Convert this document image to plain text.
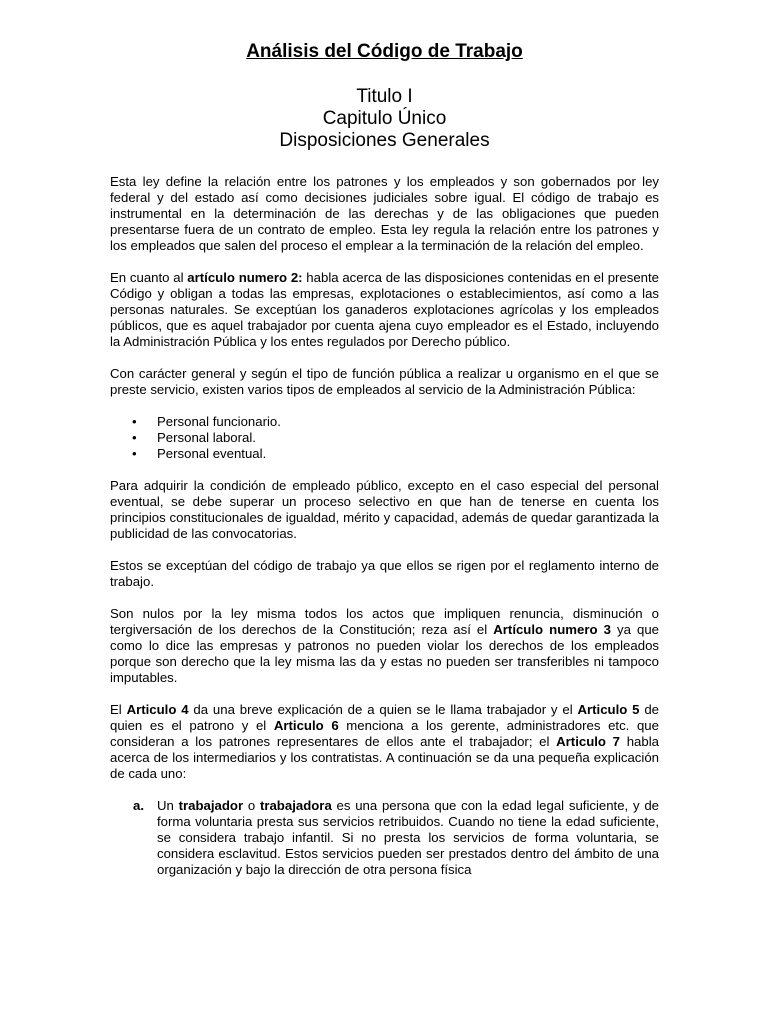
Análisis del Código de Trabajo
Titulo I
Capitulo Único
Disposiciones Generales

Esta ley define la relación entre los patrones y los empleados y son gobernados por ley federal y del estado así como decisiones judiciales sobre igual. El código de trabajo es instrumental en la determinación de las derechas y de las obligaciones que pueden presentarse fuera de un contrato de empleo. Esta ley regula la relación entre los patrones y los empleados que salen del proceso el emplear a la terminación de la relación del empleo.

En cuanto al artículo numero 2: habla acerca de las disposiciones contenidas en el presente Código y obligan a todas las empresas, explotaciones o establecimientos, así como a las personas naturales. Se exceptúan los ganaderos explotaciones agrícolas y los empleados públicos, que es aquel trabajador por cuenta ajena cuyo empleador es el Estado, incluyendo la Administración Pública y los entes regulados por Derecho público.

Con carácter general y según el tipo de función pública a realizar u organismo en el que se preste servicio, existen varios tipos de empleados al servicio de la Administración Pública:

• Personal funcionario.
• Personal laboral.
• Personal eventual.

Para adquirir la condición de empleado público, excepto en el caso especial del personal eventual, se debe superar un proceso selectivo en que han de tenerse en cuenta los principios constitucionales de igualdad, mérito y capacidad, además de quedar garantizada la publicidad de las convocatorias.

Estos se exceptúan del código de trabajo ya que ellos se rigen por el reglamento interno de trabajo.

Son nulos por la ley misma todos los actos que impliquen renuncia, disminución o tergiversación de los derechos de la Constitución; reza así el Artículo numero 3 ya que como lo dice las empresas y patronos no pueden violar los derechos de los empleados porque son derecho que la ley misma las da y estas no pueden ser transferibles ni tampoco imputables.

El Articulo 4 da una breve explicación de a quien se le llama trabajador y el Articulo 5 de quien es el patrono y el Articulo 6 menciona a los gerente, administradores etc. que consideran a los patrones representares de ellos ante el trabajador; el Articulo 7 habla acerca de los intermediarios y los contratistas. A continuación se da una pequeña explicación de cada uno:

a. Un trabajador o trabajadora es una persona que con la edad legal suficiente, y de forma voluntaria presta sus servicios retribuidos. Cuando no tiene la edad suficiente, se considera trabajo infantil. Si no presta los servicios de forma voluntaria, se considera esclavitud. Estos servicios pueden ser prestados dentro del ámbito de una organización y bajo la dirección de otra persona física
